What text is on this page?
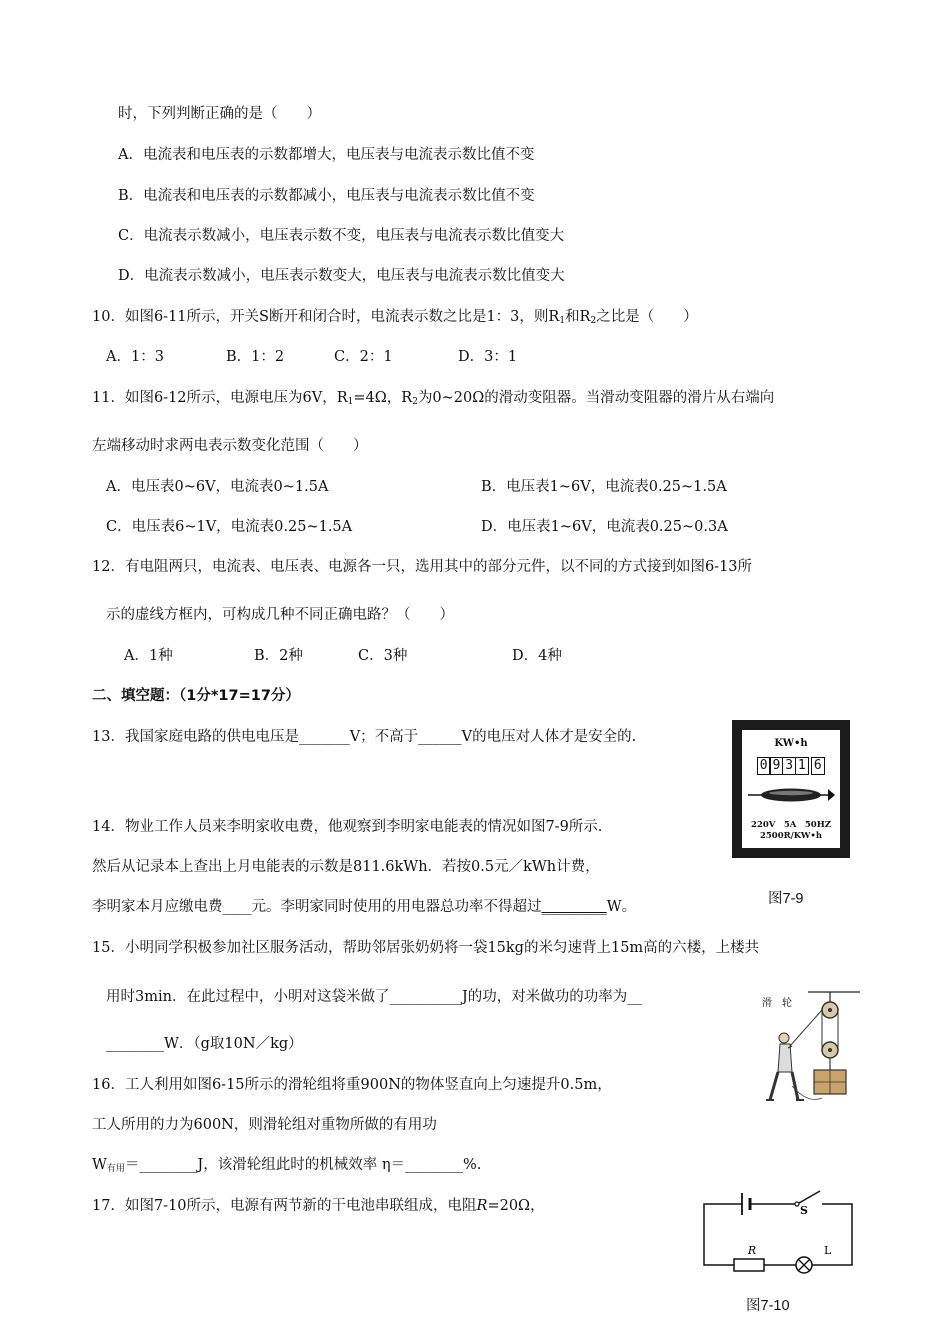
时，下列判断正确的是（　　）
A．电流表和电压表的示数都增大，电压表与电流表示数比值不变
B．电流表和电压表的示数都减小，电压表与电流表示数比值不变
C．电流表示数减小，电压表示数不变，电压表与电流表示数比值变大
D．电流表示数减小，电压表示数变大，电压表与电流表示数比值变大
10．如图6-11所示，开关S断开和闭合时，电流表示数之比是1：3，则$R_1$和$R_2$之比是（　　）
A．1：3	B．1：2	C．2：1	D．3：1
11．如图6-12所示，电源电压为6V，$R_1=4\Omega$，$R_2$为0~20Ω的滑动变阻器。当滑动变阻器的滑片从右端向
左端移动时求两电表示数变化范围（　　）
A．电压表0~6V，电流表0~1.5A	B．电压表1~6V，电流表0.25~1.5A
C．电压表6~1V，电流表0.25~1.5A	D．电压表1~6V，电流表0.25~0.3A
12．有电阻两只，电流表、电压表、电源各一只，选用其中的部分元件，以不同的方式接到如图6-13所
示的虚线方框内，可构成几种不同正确电路？（　　）
A．1种	B．2种	C．3种	D．4种
二、填空题：（1分*17=17分）
13．我国家庭电路的供电电压是_______V；不高于______V的电压对人体才是安全的.	KW•h
0 9 3 1 6
220V　5A　50HZ
2500R/KW•h
图7-9
14．物业工作人员来李明家收电费，他观察到李明家电能表的情况如图7-9所示.
然后从记录本上查出上月电能表的示数是811.6kWh．若按0.5元／kWh计费，
李明家本月应缴电费____元。李明家同时使用的用电器总功率不得超过_________W。
15．小明同学积极参加社区服务活动，帮助邻居张奶奶将一袋15kg的米匀速背上15m高的六楼，上楼共
用时3min．在此过程中，小明对这袋米做了__________J的功，对米做功的功率为__
________W．（g取10N／kg）
滑　轮
16．工人利用如图6-15所示的滑轮组将重900N的物体竖直向上匀速提升0.5m，
工人所用的力为600N，则滑轮组对重物所做的有用功
$W_{有用}=\_\_\_\_\_\_\_\_J$，该滑轮组此时的机械效率 η＝________%.
17．如图7-10所示，电源有两节新的干电池串联组成，电阻R=20Ω，	S
R	L
图7-10
